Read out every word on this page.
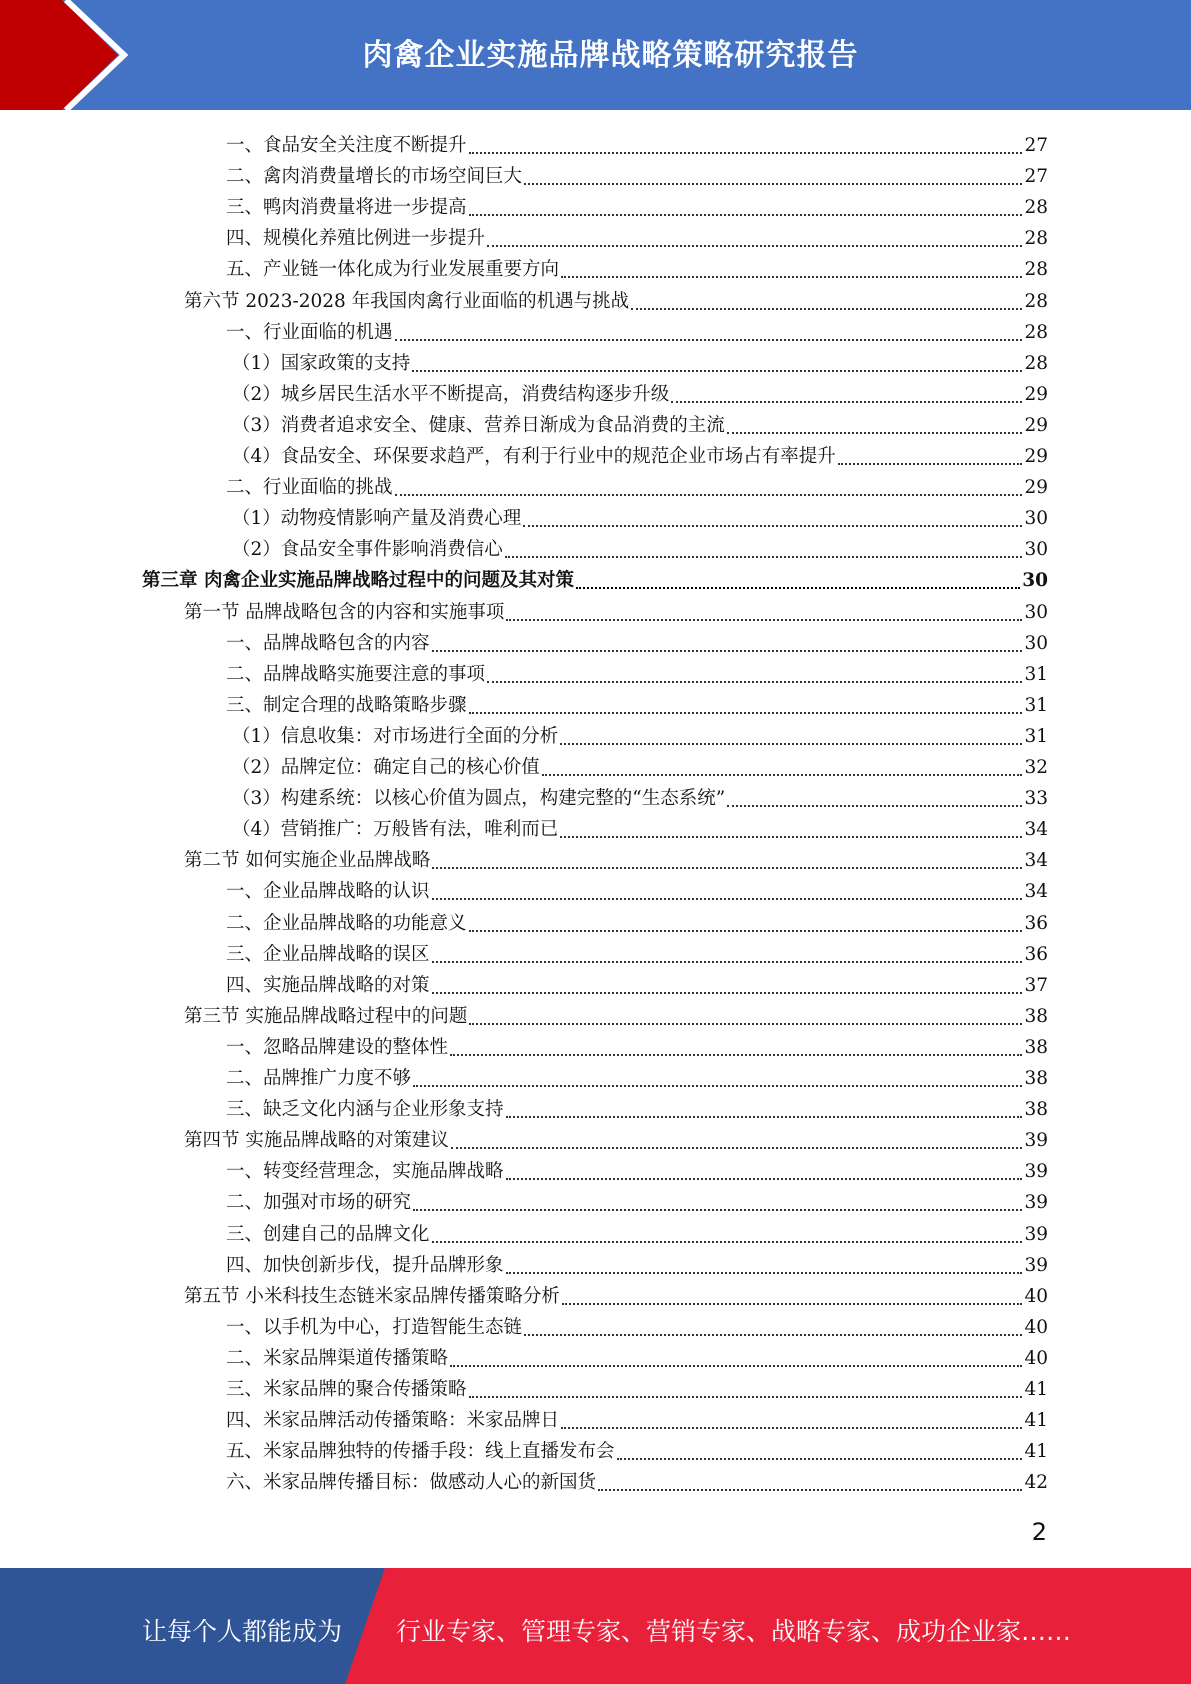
肉禽企业实施品牌战略策略研究报告
一、食品安全关注度不断提升	27
二、禽肉消费量增长的市场空间巨大	27
三、鸭肉消费量将进一步提高	28
四、规模化养殖比例进一步提升	28
五、产业链一体化成为行业发展重要方向	28
第六节 2023-2028 年我国肉禽行业面临的机遇与挑战	28
一、行业面临的机遇	28
（1）国家政策的支持	28
（2）城乡居民生活水平不断提高，消费结构逐步升级	29
（3）消费者追求安全、健康、营养日渐成为食品消费的主流	29
（4）食品安全、环保要求趋严，有利于行业中的规范企业市场占有率提升	29
二、行业面临的挑战	29
（1）动物疫情影响产量及消费心理	30
（2）食品安全事件影响消费信心	30
第三章 肉禽企业实施品牌战略过程中的问题及其对策	30
第一节 品牌战略包含的内容和实施事项	30
一、品牌战略包含的内容	30
二、品牌战略实施要注意的事项	31
三、制定合理的战略策略步骤	31
（1）信息收集：对市场进行全面的分析	31
（2）品牌定位：确定自己的核心价值	32
（3）构建系统：以核心价值为圆点，构建完整的“生态系统”	33
（4）营销推广：万般皆有法，唯利而已	34
第二节 如何实施企业品牌战略	34
一、企业品牌战略的认识	34
二、企业品牌战略的功能意义	36
三、企业品牌战略的误区	36
四、实施品牌战略的对策	37
第三节 实施品牌战略过程中的问题	38
一、忽略品牌建设的整体性	38
二、品牌推广力度不够	38
三、缺乏文化内涵与企业形象支持	38
第四节 实施品牌战略的对策建议	39
一、转变经营理念，实施品牌战略	39
二、加强对市场的研究	39
三、创建自己的品牌文化	39
四、加快创新步伐，提升品牌形象	39
第五节 小米科技生态链米家品牌传播策略分析	40
一、以手机为中心，打造智能生态链	40
二、米家品牌渠道传播策略	40
三、米家品牌的聚合传播策略	41
四、米家品牌活动传播策略：米家品牌日	41
五、米家品牌独特的传播手段：线上直播发布会	41
六、米家品牌传播目标：做感动人心的新国货	42
2
让每个人都能成为 行业专家、管理专家、营销专家、战略专家、成功企业家……
